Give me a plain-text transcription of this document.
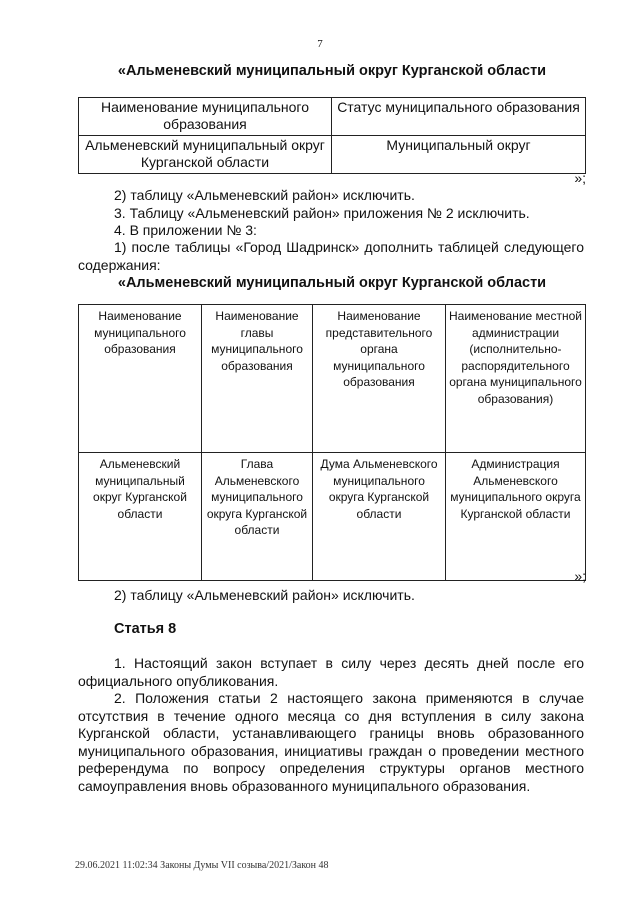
7
«Альменевский муниципальный округ Курганской области
Наименование муниципального образования	Статус муниципального образования
Альменевский муниципальный округ Курганской области	Муниципальный округ
»;
2) таблицу «Альменевский район» исключить.
3. Таблицу «Альменевский район» приложения № 2 исключить.
4. В приложении № 3:
1) после таблицы «Город Шадринск» дополнить таблицей следующего содержания:
«Альменевский муниципальный округ Курганской области
Наименование муниципального образования	Наименование главы муниципального образования	Наименование представительного органа муниципального образования	Наименование местной администрации (исполнительно-распорядительного органа муниципального образования)
Альменевский муниципальный округ Курганской области	Глава Альменевского муниципального округа Курганской области	Дума Альменевского муниципального округа Курганской области	Администрация Альменевского муниципального округа Курганской области
»;
2) таблицу «Альменевский район» исключить.
Статья 8
1. Настоящий закон вступает в силу через десять дней после его официального опубликования.
2. Положения статьи 2 настоящего закона применяются в случае отсутствия в течение одного месяца со дня вступления в силу закона Курганской области, устанавливающего границы вновь образованного муниципального образования, инициативы граждан о проведении местного референдума по вопросу определения структуры органов местного самоуправления вновь образованного муниципального образования.
29.06.2021 11:02:34 Законы Думы VII созыва/2021/Закон 48
